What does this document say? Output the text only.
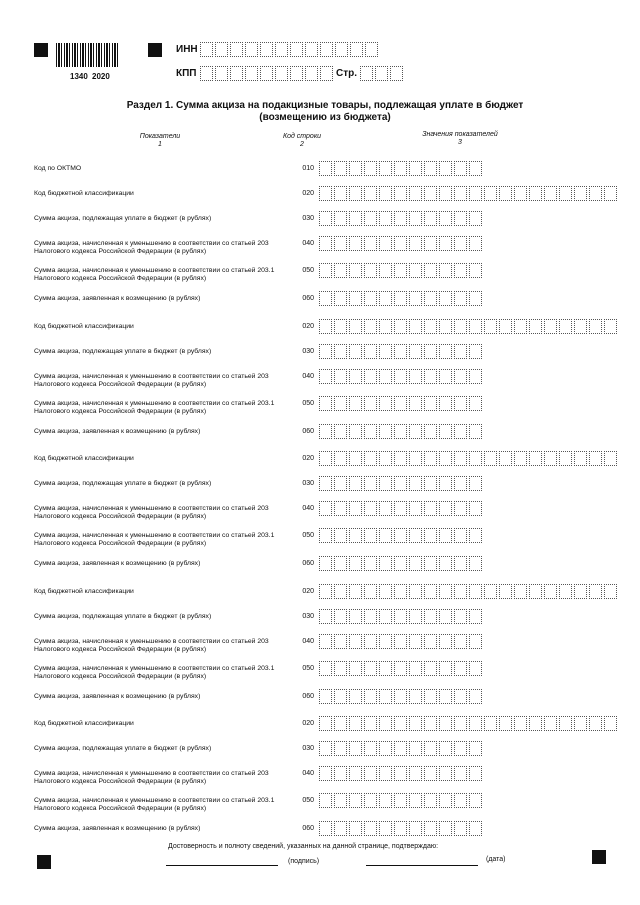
1340 2020
ИНН
КПП	Стр.
Раздел 1. Сумма акциза на подакцизные товары, подлежащая уплате в бюджет
(возмещению из бюджета)
Показатели
1
Код строки
2
Значения показателей
3
Код по ОКТМО	010
Код бюджетной классификации	020
Сумма акциза, подлежащая уплате в бюджет (в рублях)	030
Сумма акциза, начисленная к уменьшению в соответствии со статьей 203 Налогового кодекса Российской Федерации (в рублях)
040
Сумма акциза, начисленная к уменьшению в соответствии со статьей 203.1 Налогового кодекса Российской Федерации (в рублях)
050
Сумма акциза, заявленная к возмещению (в рублях)	060
Код бюджетной классификации	020
Сумма акциза, подлежащая уплате в бюджет (в рублях)	030
Сумма акциза, начисленная к уменьшению в соответствии со статьей 203 Налогового кодекса Российской Федерации (в рублях)
040
Сумма акциза, начисленная к уменьшению в соответствии со статьей 203.1 Налогового кодекса Российской Федерации (в рублях)
050
Сумма акциза, заявленная к возмещению (в рублях)	060
Код бюджетной классификации	020
Сумма акциза, подлежащая уплате в бюджет (в рублях)	030
Сумма акциза, начисленная к уменьшению в соответствии со статьей 203 Налогового кодекса Российской Федерации (в рублях)
040
Сумма акциза, начисленная к уменьшению в соответствии со статьей 203.1 Налогового кодекса Российской Федерации (в рублях)
050
Сумма акциза, заявленная к возмещению (в рублях)	060
Код бюджетной классификации	020
Сумма акциза, подлежащая уплате в бюджет (в рублях)	030
Сумма акциза, начисленная к уменьшению в соответствии со статьей 203 Налогового кодекса Российской Федерации (в рублях)
040
Сумма акциза, начисленная к уменьшению в соответствии со статьей 203.1 Налогового кодекса Российской Федерации (в рублях)
050
Сумма акциза, заявленная к возмещению (в рублях)	060
Код бюджетной классификации	020
Сумма акциза, подлежащая уплате в бюджет (в рублях)	030
Сумма акциза, начисленная к уменьшению в соответствии со статьей 203 Налогового кодекса Российской Федерации (в рублях)
040
Сумма акциза, начисленная к уменьшению в соответствии со статьей 203.1 Налогового кодекса Российской Федерации (в рублях)
050
Сумма акциза, заявленная к возмещению (в рублях)	060
Достоверность и полноту сведений, указанных на данной странице, подтверждаю:
(подпись)	(дата)
